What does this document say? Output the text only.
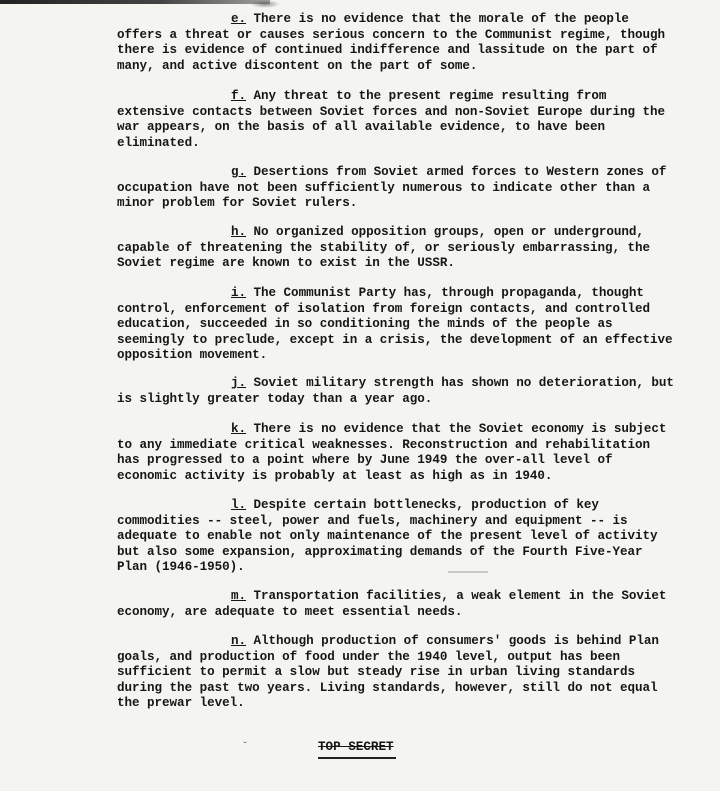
e. There is no evidence that the morale of the people offers a threat or causes serious concern to the Communist regime, though there is evidence of continued indifference and lassitude on the part of many, and active discontent on the part of some.

f. Any threat to the present regime resulting from extensive contacts between Soviet forces and non-Soviet Europe during the war appears, on the basis of all available evidence, to have been eliminated.

g. Desertions from Soviet armed forces to Western zones of occupation have not been sufficiently numerous to indicate other than a minor problem for Soviet rulers.

h. No organized opposition groups, open or underground, capable of threatening the stability of, or seriously embarrassing, the Soviet regime are known to exist in the USSR.

i. The Communist Party has, through propaganda, thought control, enforcement of isolation from foreign contacts, and controlled education, succeeded in so conditioning the minds of the people as seemingly to preclude, except in a crisis, the development of an effective opposition movement.

j. Soviet military strength has shown no deterioration, but is slightly greater today than a year ago.

k. There is no evidence that the Soviet economy is subject to any immediate critical weaknesses. Reconstruction and rehabilitation has progressed to a point where by June 1949 the over-all level of economic activity is probably at least as high as in 1940.

l. Despite certain bottlenecks, production of key commodities -- steel, power and fuels, machinery and equipment -- is adequate to enable not only maintenance of the present level of activity but also some expansion, approximating demands of the Fourth Five-Year Plan (1946-1950).

m. Transportation facilities, a weak element in the Soviet economy, are adequate to meet essential needs.

n. Although production of consumers' goods is behind Plan goals, and production of food under the 1940 level, output has been sufficient to permit a slow but steady rise in urban living standards during the past two years. Living standards, however, still do not equal the prewar level.

ˇ	TOP SECRET
